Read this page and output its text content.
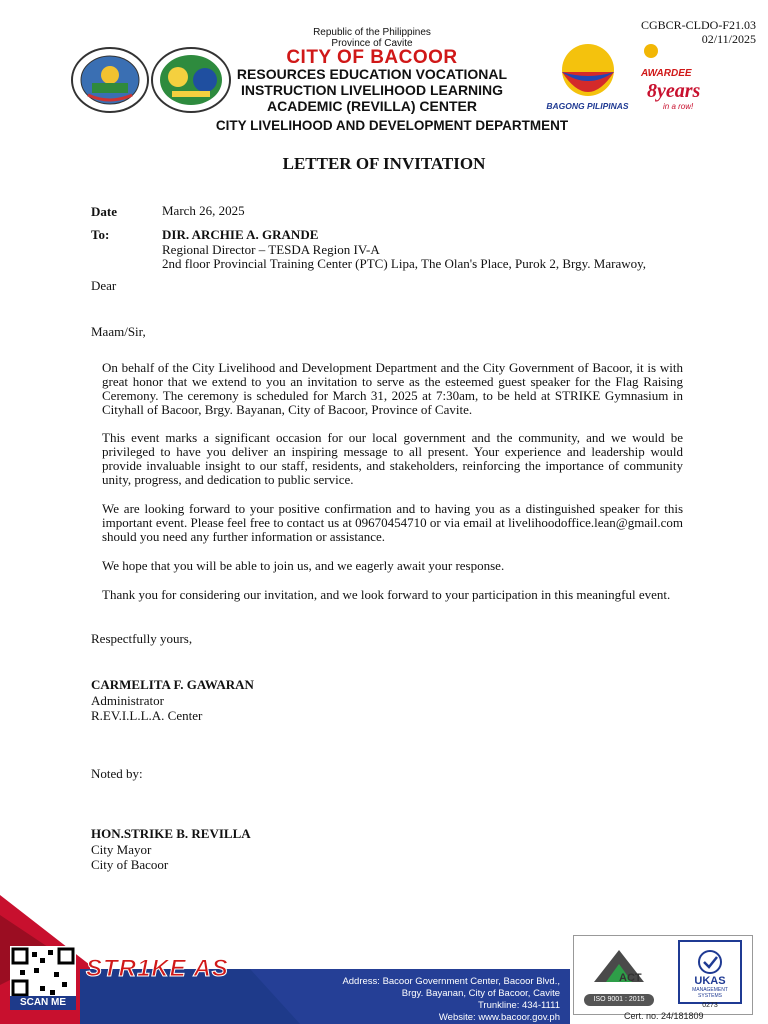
CGBCR-CLDO-F21.03
02/11/2025
BAGONG PILIPINAS
AWARDEE
8years
in a row!
Republic of the Philippines
Province of Cavite
CITY OF BACOOR
RESOURCES EDUCATION VOCATIONAL
INSTRUCTION LIVELIHOOD LEARNING
ACADEMIC (REVILLA) CENTER
CITY LIVELIHOOD AND DEVELOPMENT DEPARTMENT
LETTER OF INVITATION
Date	March 26, 2025
To:	DIR. ARCHIE A. GRANDE
Regional Director – TESDA Region IV-A
2nd floor Provincial Training Center (PTC) Lipa, The Olan's Place, Purok 2, Brgy. Marawoy,
Dear
Maam/Sir,
On behalf of the City Livelihood and Development Department and the City Government of Bacoor, it is with great honor that we extend to you an invitation to serve as the esteemed guest speaker for the Flag Raising Ceremony. The ceremony is scheduled for March 31, 2025 at 7:30am, to be held at STRIKE Gymnasium in Cityhall of Bacoor, Brgy. Bayanan, City of Bacoor, Province of Cavite.
This event marks a significant occasion for our local government and the community, and we would be privileged to have you deliver an inspiring message to all present. Your experience and leadership would provide invaluable insight to our staff, residents, and stakeholders, reinforcing the importance of community unity, progress, and dedication to public service.
We are looking forward to your positive confirmation and to having you as a distinguished speaker for this important event. Please feel free to contact us at 09670454710 or via email at livelihoodoffice.lean@gmail.com should you need any further information or assistance.
We hope that you will be able to join us, and we eagerly await your response.
Thank you for considering our invitation, and we look forward to your participation in this meaningful event.
Respectfully yours,
CARMELITA F. GAWARAN
Administrator
R.EV.I.L.L.A. Center
Noted by:
HON.STRIKE B. REVILLA
City Mayor
City of Bacoor
SCAN ME
STR1KE AS	Address: Bacoor Government Center, Bacoor Blvd.,
Brgy. Bayanan, City of Bacoor, Cavite
Trunkline: 434-1111
Website: www.bacoor.gov.ph
ACT
ISO 9001 : 2015
UKAS
MANAGEMENT SYSTEMS
0273
Cert. no. 24/181809
